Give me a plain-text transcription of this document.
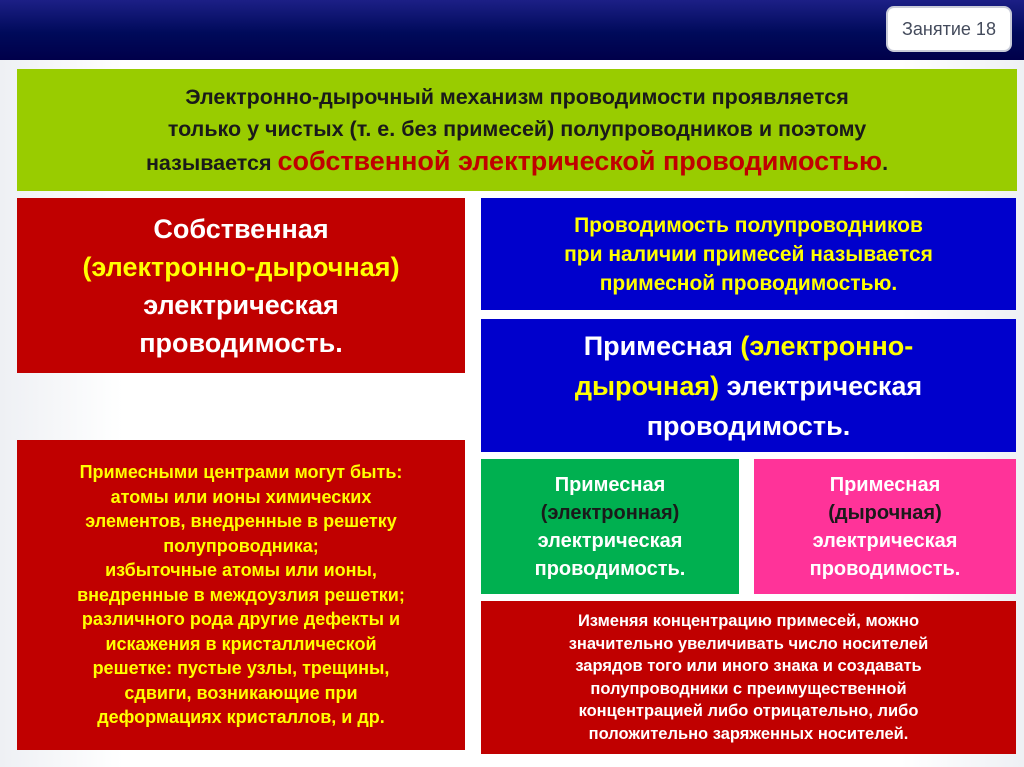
Занятие 18
Электронно-дырочный механизм проводимости проявляется
только у чистых (т. е. без примесей) полупроводников и поэтому
называется собственной электрической проводимостью.
Собственная
(электронно-дырочная)
электрическая
проводимость.
Проводимость полупроводников
при наличии примесей называется
примесной проводимостью.
Примесная (электронно-
дырочная) электрическая
проводимость.
Примесными центрами могут быть:
атомы или ионы химических
элементов, внедренные в решетку
полупроводника;
избыточные атомы или ионы,
внедренные в междоузлия решетки;
различного рода другие дефекты и
искажения в кристаллической
решетке: пустые узлы, трещины,
сдвиги, возникающие при
деформациях кристаллов, и др.
Примесная
(электронная)
электрическая
проводимость.
Примесная
(дырочная)
электрическая
проводимость.
Изменяя концентрацию примесей, можно
значительно увеличивать число носителей
зарядов того или иного знака и создавать
полупроводники с преимущественной
концентрацией либо отрицательно, либо
положительно заряженных носителей.
